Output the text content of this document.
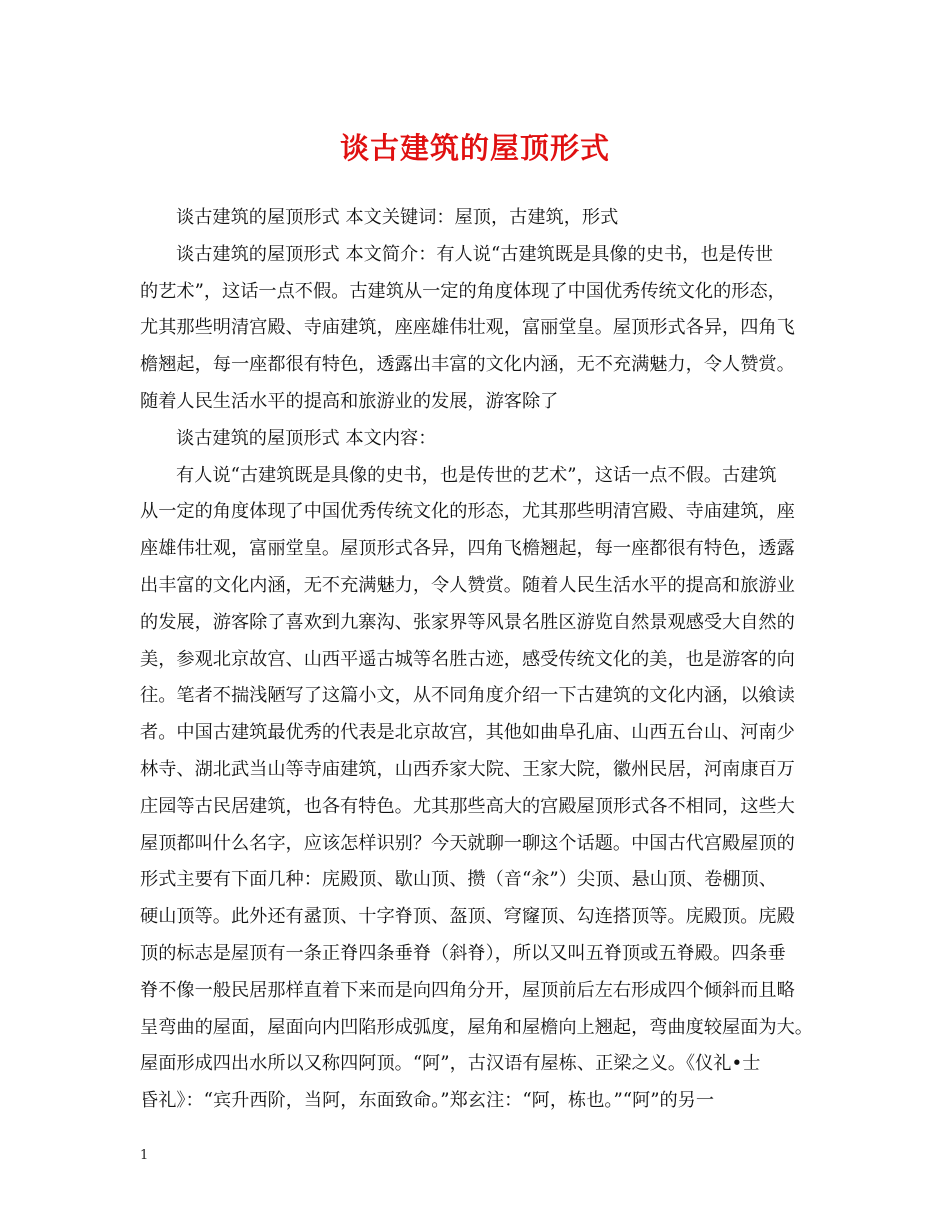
谈古建筑的屋顶形式

谈古建筑的屋顶形式 本文关键词：屋顶，古建筑，形式

谈古建筑的屋顶形式 本文简介：有人说“古建筑既是具像的史书，也是传世

的艺术”，这话一点不假。古建筑从一定的角度体现了中国优秀传统文化的形态，

尤其那些明清宫殿、寺庙建筑，座座雄伟壮观，富丽堂皇。屋顶形式各异，四角飞

檐翘起，每一座都很有特色，透露出丰富的文化内涵，无不充满魅力，令人赞赏。

随着人民生活水平的提高和旅游业的发展，游客除了

谈古建筑的屋顶形式 本文内容：

有人说“古建筑既是具像的史书，也是传世的艺术”，这话一点不假。古建筑

从一定的角度体现了中国优秀传统文化的形态，尤其那些明清宫殿、寺庙建筑，座

座雄伟壮观，富丽堂皇。屋顶形式各异，四角飞檐翘起，每一座都很有特色，透露

出丰富的文化内涵，无不充满魅力，令人赞赏。随着人民生活水平的提高和旅游业

的发展，游客除了喜欢到九寨沟、张家界等风景名胜区游览自然景观感受大自然的

美，参观北京故宫、山西平遥古城等名胜古迹，感受传统文化的美，也是游客的向

往。笔者不揣浅陋写了这篇小文，从不同角度介绍一下古建筑的文化内涵，以飨读

者。中国古建筑最优秀的代表是北京故宫，其他如曲阜孔庙、山西五台山、河南少

林寺、湖北武当山等寺庙建筑，山西乔家大院、王家大院，徽州民居，河南康百万

庄园等古民居建筑，也各有特色。尤其那些高大的宫殿屋顶形式各不相同，这些大

屋顶都叫什么名字，应该怎样识别？今天就聊一聊这个话题。中国古代宫殿屋顶的

形式主要有下面几种：庑殿顶、歇山顶、攒（音“汆”）尖顶、悬山顶、卷棚顶、

硬山顶等。此外还有盝顶、十字脊顶、盔顶、穹窿顶、勾连搭顶等。庑殿顶。庑殿

顶的标志是屋顶有一条正脊四条垂脊（斜脊），所以又叫五脊顶或五脊殿。四条垂

脊不像一般民居那样直着下来而是向四角分开，屋顶前后左右形成四个倾斜而且略

呈弯曲的屋面，屋面向内凹陷形成弧度，屋角和屋檐向上翘起，弯曲度较屋面为大。

屋面形成四出水所以又称四阿顶。“阿”，古汉语有屋栋、正梁之义。《仪礼•士

昏礼》：“宾升西阶，当阿，东面致命。”郑玄注：“阿，栋也。”“阿”的另一

1
